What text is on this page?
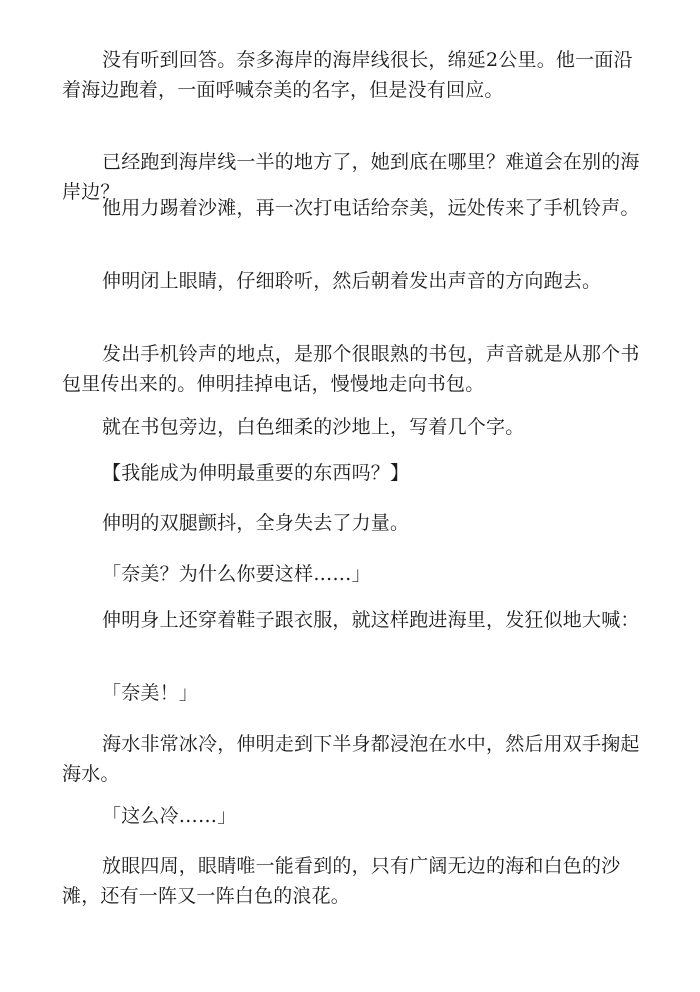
没有听到回答。奈多海岸的海岸线很长，绵延2公里。他一面沿着海边跑着，一面呼喊奈美的名字，但是没有回应。

已经跑到海岸线一半的地方了，她到底在哪里？难道会在别的海岸边？

他用力踢着沙滩，再一次打电话给奈美，远处传来了手机铃声。

伸明闭上眼睛，仔细聆听，然后朝着发出声音的方向跑去。

发出手机铃声的地点，是那个很眼熟的书包，声音就是从那个书包里传出来的。伸明挂掉电话，慢慢地走向书包。

就在书包旁边，白色细柔的沙地上，写着几个字。

【我能成为伸明最重要的东西吗？】

伸明的双腿颤抖，全身失去了力量。

「奈美？为什么你要这样……」

伸明身上还穿着鞋子跟衣服，就这样跑进海里，发狂似地大喊：

「奈美！」

海水非常冰冷，伸明走到下半身都浸泡在水中，然后用双手掬起海水。

「这么冷……」

放眼四周，眼睛唯一能看到的，只有广阔无边的海和白色的沙滩，还有一阵又一阵白色的浪花。
